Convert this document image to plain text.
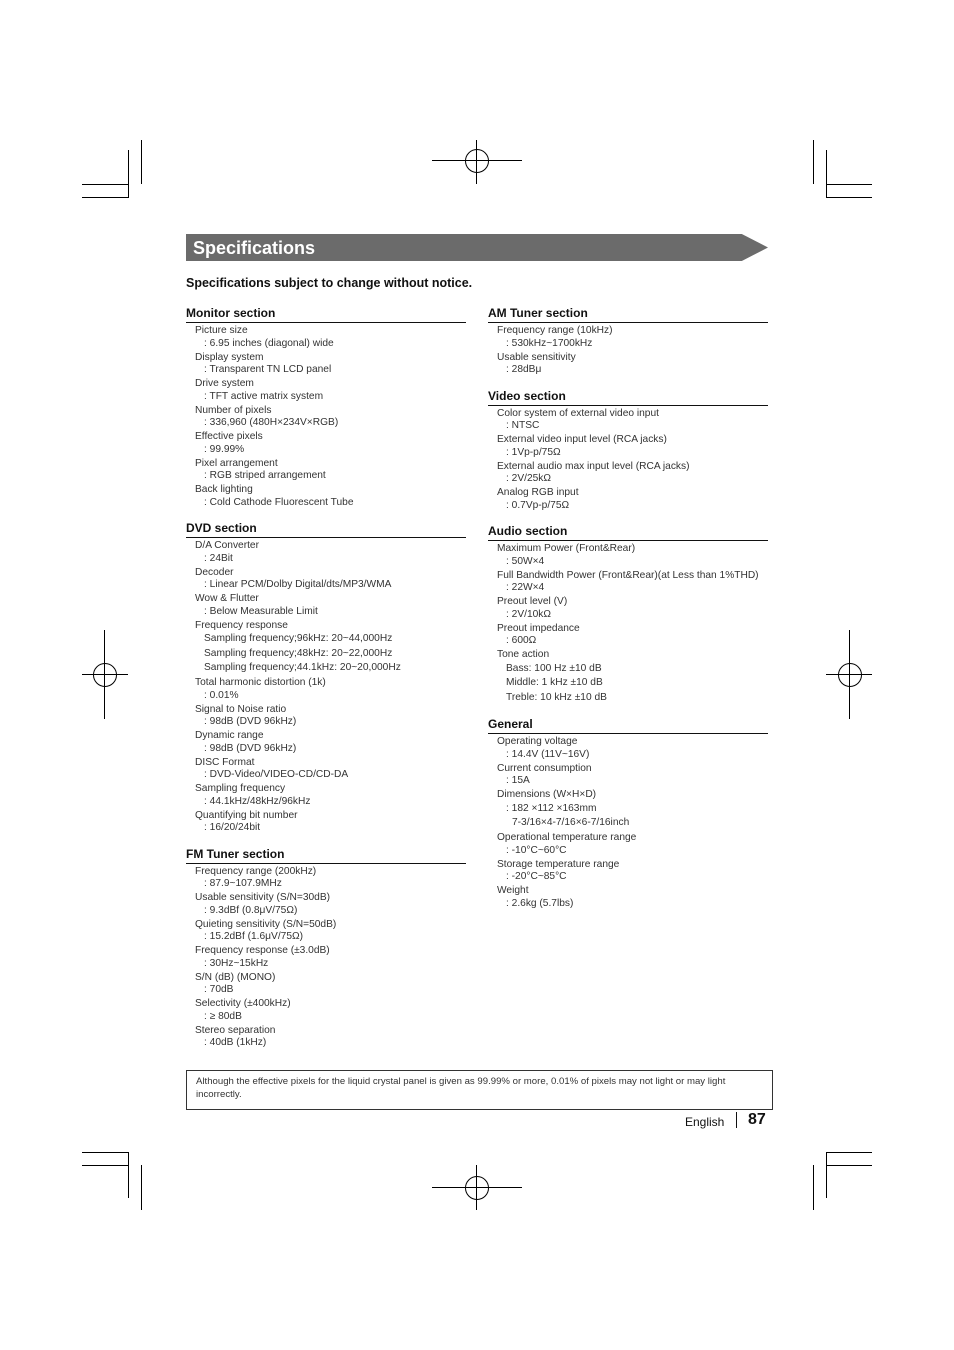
Specifications
Specifications subject to change without notice.
Monitor section
Picture size
: 6.95 inches (diagonal) wide
Display system
: Transparent TN LCD panel
Drive system
: TFT active matrix system
Number of pixels
: 336,960 (480H×234V×RGB)
Effective pixels
: 99.99%
Pixel arrangement
: RGB striped arrangement
Back lighting
: Cold Cathode Fluorescent Tube
DVD section
D/A Converter
: 24Bit
Decoder
: Linear PCM/Dolby Digital/dts/MP3/WMA
Wow & Flutter
: Below Measurable Limit
Frequency response
Sampling frequency;96kHz: 20~44,000Hz
Sampling frequency;48kHz: 20~22,000Hz
Sampling frequency;44.1kHz: 20~20,000Hz
Total harmonic distortion (1k)
: 0.01%
Signal to Noise ratio
: 98dB (DVD 96kHz)
Dynamic range
: 98dB (DVD 96kHz)
DISC Format
: DVD-Video/VIDEO-CD/CD-DA
Sampling frequency
: 44.1kHz/48kHz/96kHz
Quantifying bit number
: 16/20/24bit
FM Tuner section
Frequency range (200kHz)
: 87.9~107.9MHz
Usable sensitivity (S/N=30dB)
: 9.3dBf (0.8μV/75Ω)
Quieting sensitivity (S/N=50dB)
: 15.2dBf (1.6μV/75Ω)
Frequency response (±3.0dB)
: 30Hz~15kHz
S/N (dB) (MONO)
: 70dB
Selectivity (±400kHz)
: ≥ 80dB
Stereo separation
: 40dB (1kHz)
AM Tuner section
Frequency range (10kHz)
: 530kHz~1700kHz
Usable sensitivity
: 28dBμ
Video section
Color system of external video input
: NTSC
External video input level (RCA jacks)
: 1Vp-p/75Ω
External audio max input level (RCA jacks)
: 2V/25kΩ
Analog RGB input
: 0.7Vp-p/75Ω
Audio section
Maximum Power (Front&Rear)
: 50W×4
Full Bandwidth Power (Front&Rear)(at Less than 1%THD)
: 22W×4
Preout level (V)
: 2V/10kΩ
Preout impedance
: 600Ω
Tone action
Bass: 100 Hz ±10 dB
Middle: 1 kHz ±10 dB
Treble: 10 kHz ±10 dB
General
Operating voltage
: 14.4V (11V~16V)
Current consumption
: 15A
Dimensions (W×H×D)
: 182 ×112 ×163mm
7-3/16×4-7/16×6-7/16inch
Operational temperature range
: -10°C~60°C
Storage temperature range
: -20°C~85°C
Weight
: 2.6kg (5.7lbs)
Although the effective pixels for the liquid crystal panel is given as 99.99% or more, 0.01% of pixels may not light or may light incorrectly.
English 87
